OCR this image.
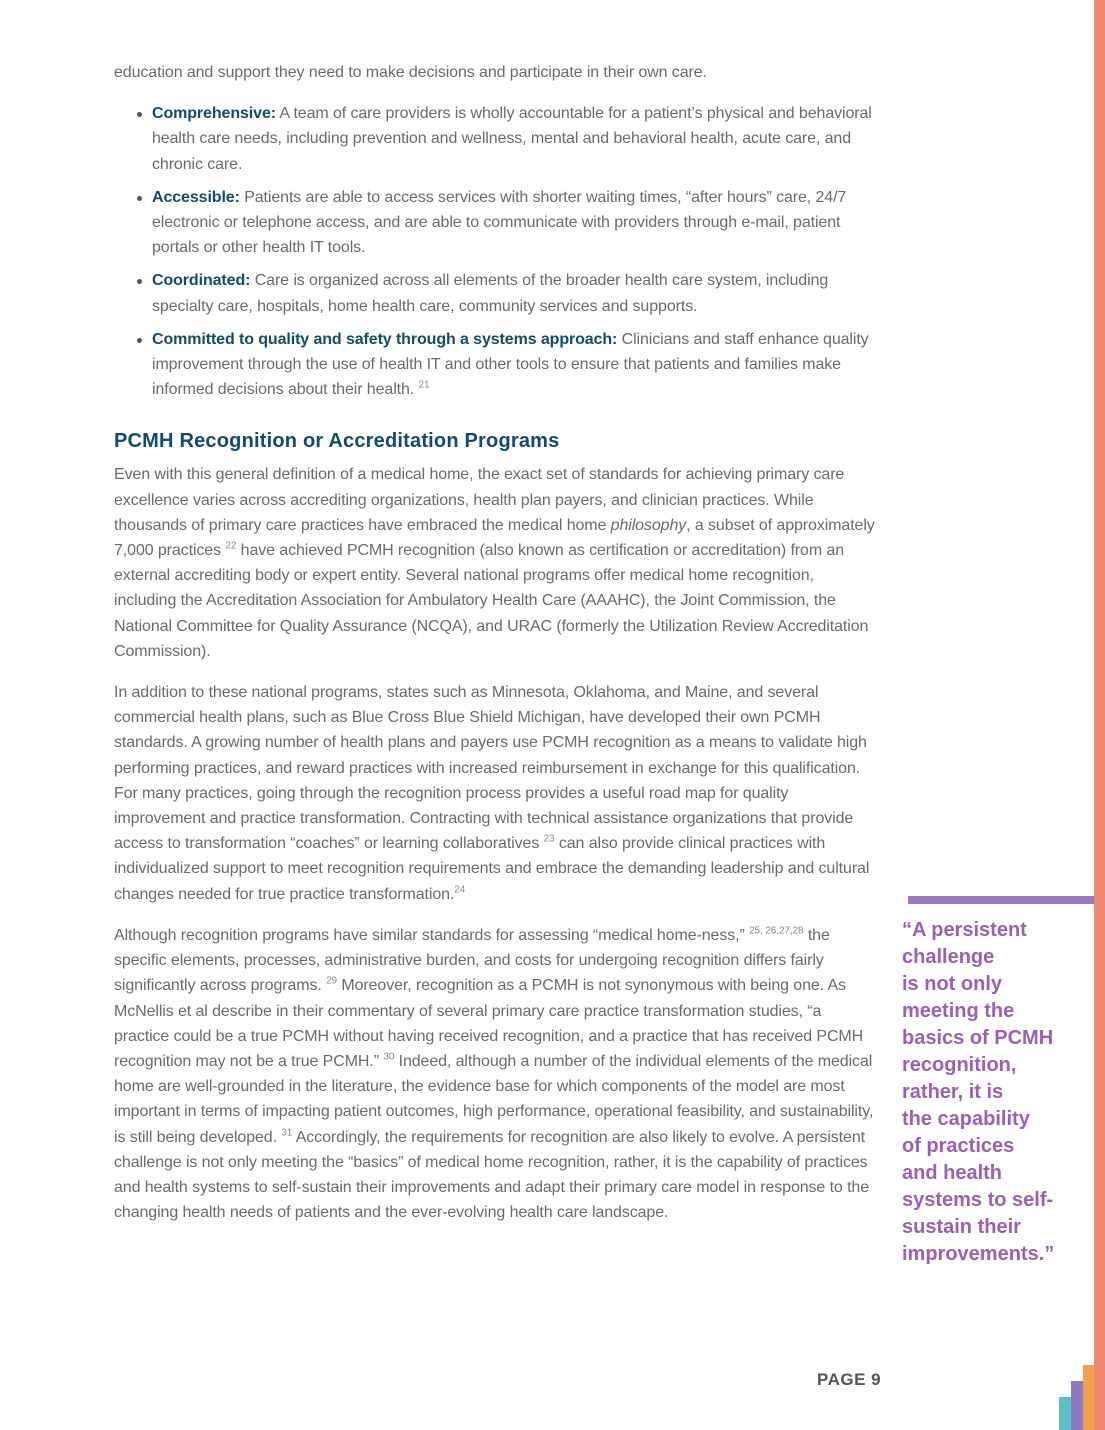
education and support they need to make decisions and participate in their own care.

Comprehensive: A team of care providers is wholly accountable for a patient’s physical and behavioral health care needs, including prevention and wellness, mental and behavioral health, acute care, and chronic care.
Accessible: Patients are able to access services with shorter waiting times, “after hours” care, 24/7 electronic or telephone access, and are able to communicate with providers through e-mail, patient portals or other health IT tools.
Coordinated: Care is organized across all elements of the broader health care system, including specialty care, hospitals, home health care, community services and supports.
Committed to quality and safety through a systems approach: Clinicians and staff enhance quality improvement through the use of health IT and other tools to ensure that patients and families make informed decisions about their health. $^{21}$
PCMH Recognition or Accreditation Programs

Even with this general definition of a medical home, the exact set of standards for achieving primary care excellence varies across accrediting organizations, health plan payers, and clinician practices. While thousands of primary care practices have embraced the medical home philosophy, a subset of approximately 7,000 practices $^{22}$ have achieved PCMH recognition (also known as certification or accreditation) from an external accrediting body or expert entity. Several national programs offer medical home recognition, including the Accreditation Association for Ambulatory Health Care (AAAHC), the Joint Commission, the National Committee for Quality Assurance (NCQA), and URAC (formerly the Utilization Review Accreditation Commission).

In addition to these national programs, states such as Minnesota, Oklahoma, and Maine, and several commercial health plans, such as Blue Cross Blue Shield Michigan, have developed their own PCMH standards. A growing number of health plans and payers use PCMH recognition as a means to validate high performing practices, and reward practices with increased reimbursement in exchange for this qualification. For many practices, going through the recognition process provides a useful road map for quality improvement and practice transformation. Contracting with technical assistance organizations that provide access to transformation “coaches” or learning collaboratives $^{23}$ can also provide clinical practices with individualized support to meet recognition requirements and embrace the demanding leadership and cultural changes needed for true practice transformation.$^{24}$

Although recognition programs have similar standards for assessing “medical home-ness,” $^{25, 26,27,28}$ the specific elements, processes, administrative burden, and costs for undergoing recognition differs fairly significantly across programs. $^{29}$ Moreover, recognition as a PCMH is not synonymous with being one. As McNellis et al describe in their commentary of several primary care practice transformation studies, “a practice could be a true PCMH without having received recognition, and a practice that has received PCMH recognition may not be a true PCMH.” $^{30}$ Indeed, although a number of the individual elements of the medical home are well-grounded in the literature, the evidence base for which components of the model are most important in terms of impacting patient outcomes, high performance, operational feasibility, and sustainability, is still being developed. $^{31}$ Accordingly, the requirements for recognition are also likely to evolve. A persistent challenge is not only meeting the “basics” of medical home recognition, rather, it is the capability of practices and health systems to self-sustain their improvements and adapt their primary care model in response to the changing health needs of patients and the ever-evolving health care landscape.

“A persistent
challenge
is not only
meeting the
basics of PCMH
recognition,
rather, it is
the capability
of practices
and health
systems to self-
sustain their
improvements.”
PAGE 9
